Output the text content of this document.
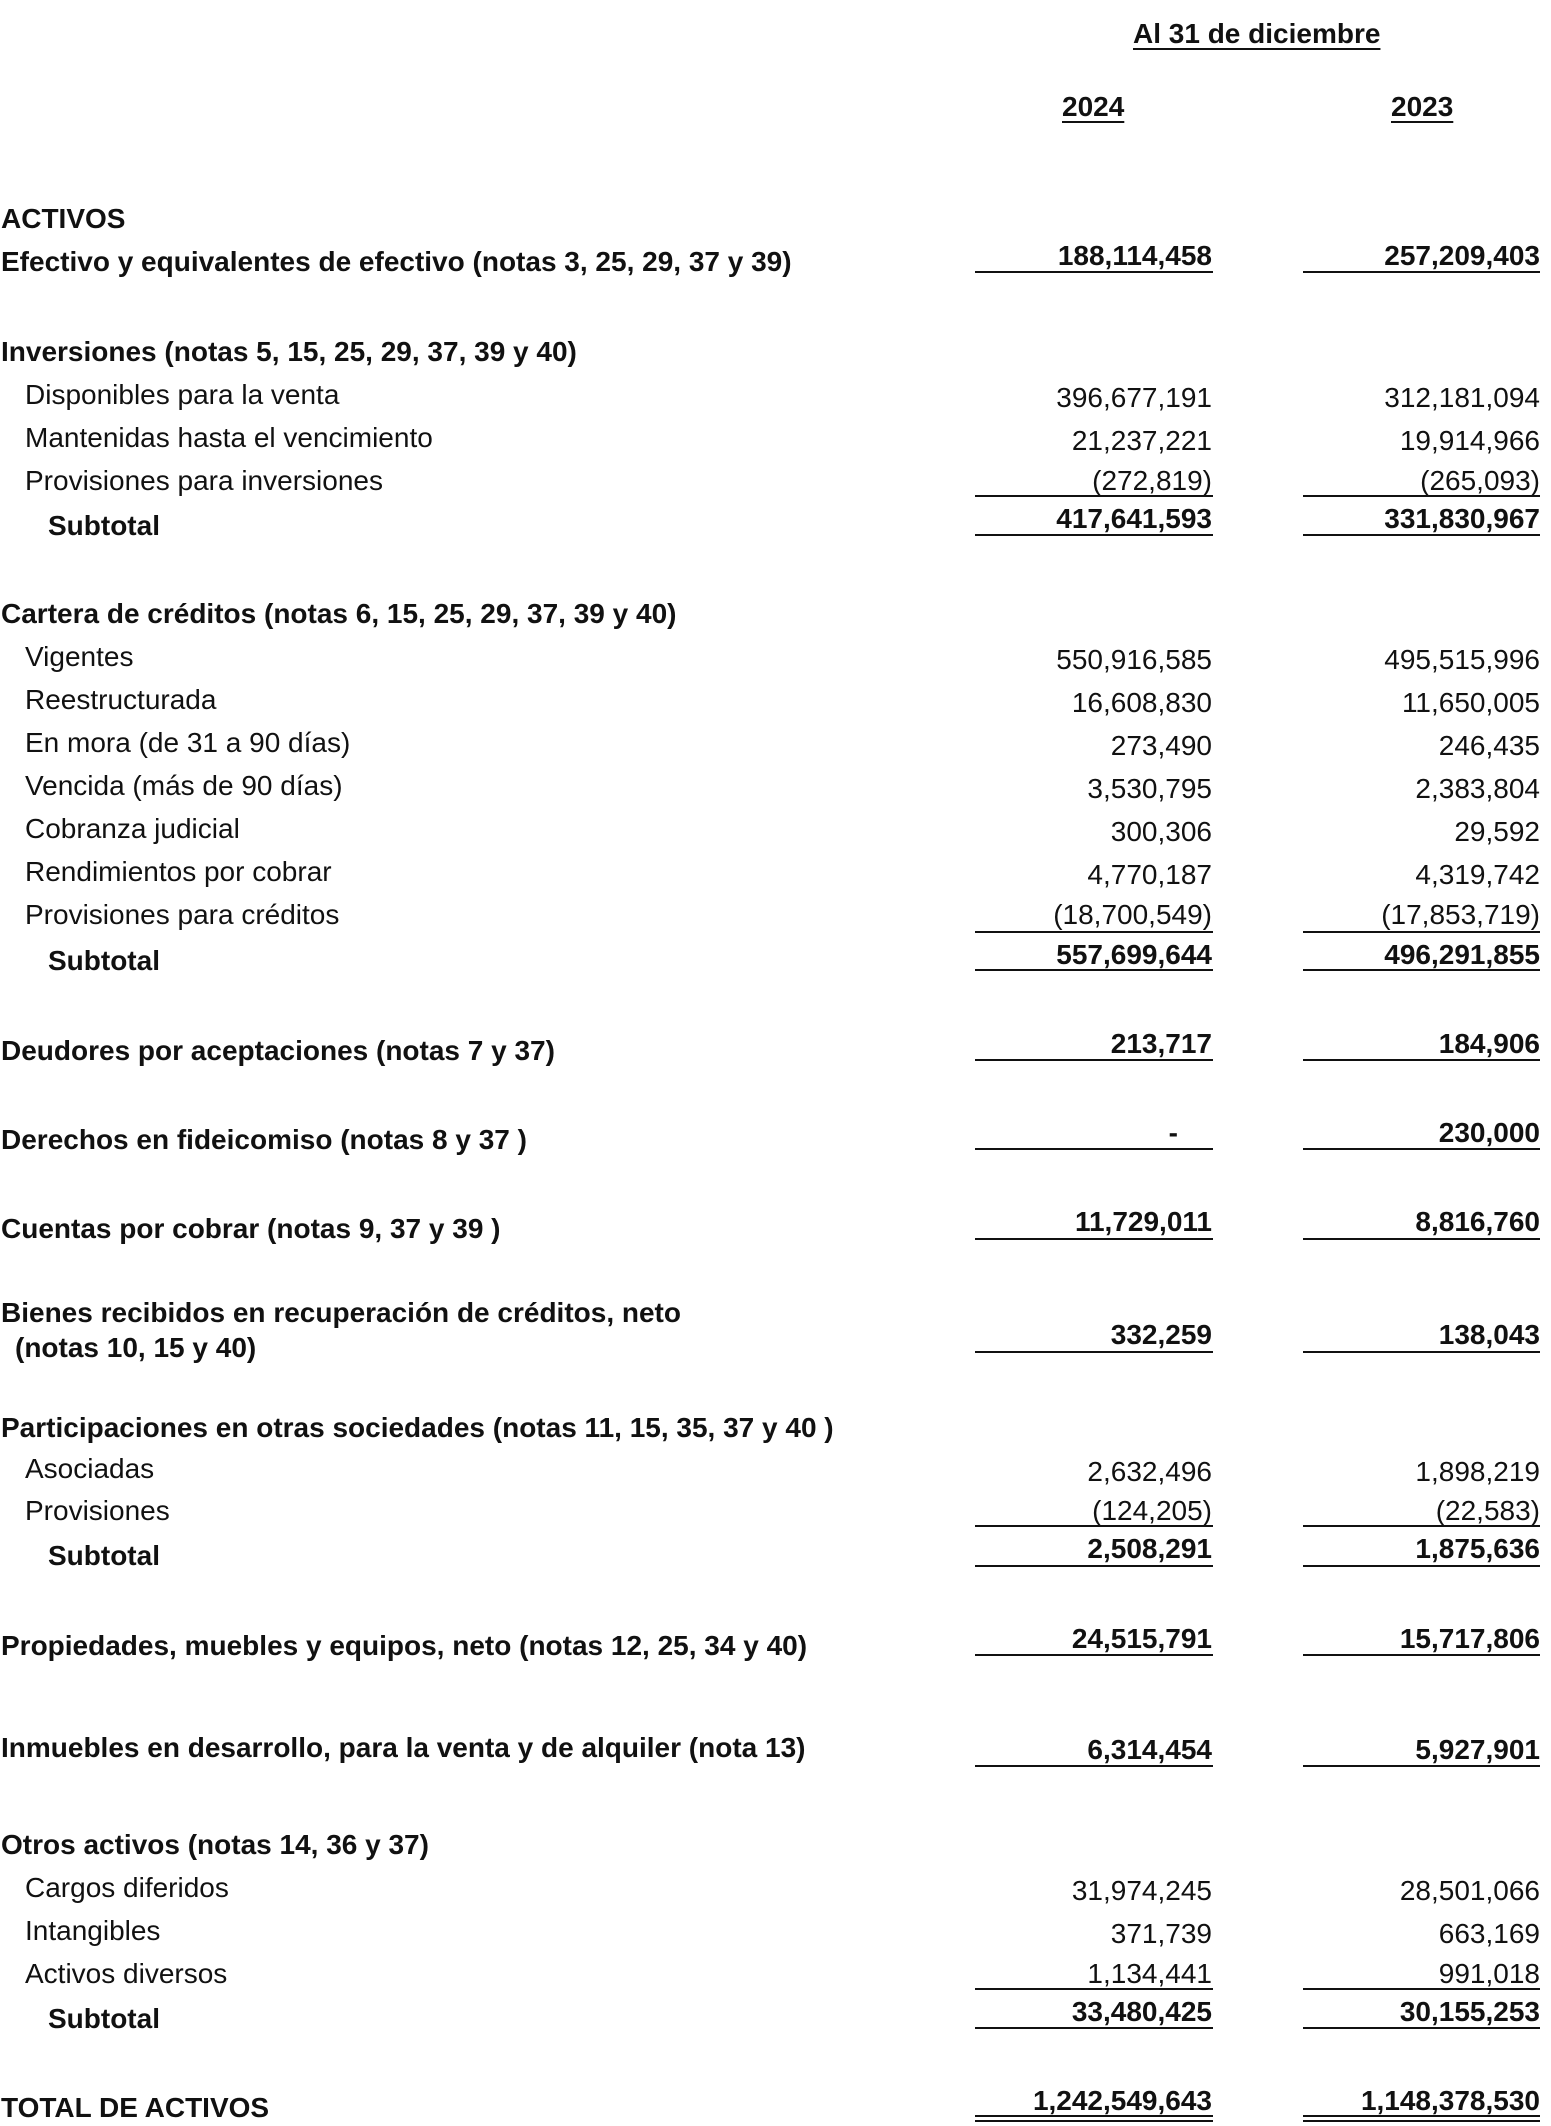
Al 31 de diciembre
2024	2023
ACTIVOS
Efectivo y equivalentes de efectivo (notas 3, 25, 29, 37 y 39)	188,114,458	257,209,403
Inversiones (notas 5, 15, 25, 29, 37, 39 y 40)
Disponibles para la venta	396,677,191	312,181,094
Mantenidas hasta el vencimiento	21,237,221	19,914,966
Provisiones para inversiones	(272,819)	(265,093)
Subtotal	417,641,593	331,830,967
Cartera de créditos (notas 6, 15, 25, 29, 37, 39 y 40)
Vigentes	550,916,585	495,515,996
Reestructurada	16,608,830	11,650,005
En mora (de 31 a 90 días)	273,490	246,435
Vencida (más de 90 días)	3,530,795	2,383,804
Cobranza judicial	300,306	29,592
Rendimientos por cobrar	4,770,187	4,319,742
Provisiones para créditos	(18,700,549)	(17,853,719)
Subtotal	557,699,644	496,291,855
Deudores por aceptaciones (notas 7 y 37)	213,717	184,906
Derechos en fideicomiso (notas 8 y 37 )	-	230,000
Cuentas por cobrar (notas 9, 37 y 39 )	11,729,011	8,816,760
Bienes recibidos en recuperación de créditos, neto
(notas 10, 15 y 40)	332,259	138,043
Participaciones en otras sociedades (notas 11, 15, 35, 37 y 40 )
Asociadas	2,632,496	1,898,219
Provisiones	(124,205)	(22,583)
Subtotal	2,508,291	1,875,636
Propiedades, muebles y equipos, neto (notas 12, 25, 34 y 40)	24,515,791	15,717,806
Inmuebles en desarrollo, para la venta y de alquiler (nota 13)	6,314,454	5,927,901
Otros activos (notas 14, 36 y 37)
Cargos diferidos	31,974,245	28,501,066
Intangibles	371,739	663,169
Activos diversos	1,134,441	991,018
Subtotal	33,480,425	30,155,253
TOTAL DE ACTIVOS	1,242,549,643	1,148,378,530
